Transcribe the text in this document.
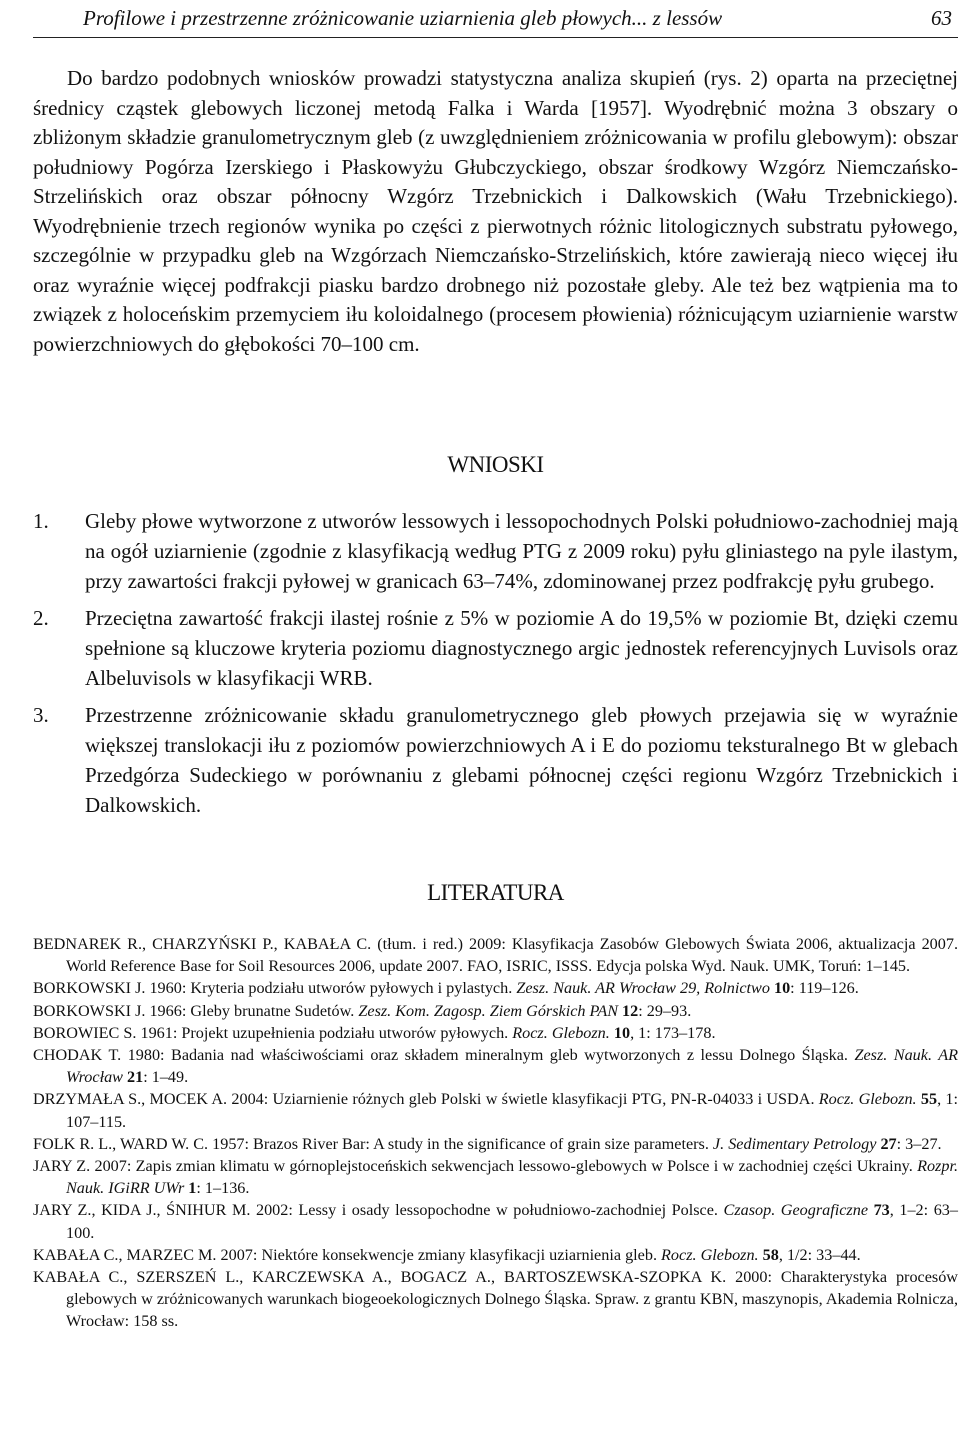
Profilowe i przestrzenne zróżnicowanie uziarnienia gleb płowych... z lessów	63

Do bardzo podobnych wniosków prowadzi statystyczna analiza skupień (rys. 2) oparta na przeciętnej średnicy cząstek glebowych liczonej metodą Falka i Warda [1957]. Wyodrębnić można 3 obszary o zbliżonym składzie granulometrycznym gleb (z uwzględnieniem zróżnicowania w profilu glebowym): obszar południowy Pogórza Izerskiego i Płaskowyżu Głubczyckiego, obszar środkowy Wzgórz Niemczańsko-Strzelińskich oraz obszar północny Wzgórz Trzebnickich i Dalkowskich (Wału Trzebnickiego). Wyodrębnienie trzech regionów wynika po części z pierwotnych różnic litologicznych substratu pyłowego, szczególnie w przypadku gleb na Wzgórzach Niemczańsko-Strzelińskich, które zawierają nieco więcej iłu oraz wyraźnie więcej podfrakcji piasku bardzo drobnego niż pozostałe gleby. Ale też bez wątpienia ma to związek z holoceńskim przemyciem iłu koloidalnego (procesem płowienia) różnicującym uziarnienie warstw powierzchniowych do głębokości 70–100 cm.

WNIOSKI
1. Gleby płowe wytworzone z utworów lessowych i lessopochodnych Polski południowo-zachodniej mają na ogół uziarnienie (zgodnie z klasyfikacją według PTG z 2009 roku) pyłu gliniastego na pyle ilastym, przy zawartości frakcji pyłowej w granicach 63–74%, zdominowanej przez podfrakcję pyłu grubego.
2. Przeciętna zawartość frakcji ilastej rośnie z 5% w poziomie A do 19,5% w poziomie Bt, dzięki czemu spełnione są kluczowe kryteria poziomu diagnostycznego argic jednostek referencyjnych Luvisols oraz Albeluvisols w klasyfikacji WRB.
3. Przestrzenne zróżnicowanie składu granulometrycznego gleb płowych przejawia się w wyraźnie większej translokacji iłu z poziomów powierzchniowych A i E do poziomu teksturalnego Bt w glebach Przedgórza Sudeckiego w porównaniu z glebami północnej części regionu Wzgórz Trzebnickich i Dalkowskich.
LITERATURA

BEDNAREK R., CHARZYŃSKI P., KABAŁA C. (tłum. i red.) 2009: Klasyfikacja Zasobów Glebowych Świata 2006, aktualizacja 2007. World Reference Base for Soil Resources 2006, update 2007. FAO, ISRIC, ISSS. Edycja polska Wyd. Nauk. UMK, Toruń: 1–145.

BORKOWSKI J. 1960: Kryteria podziału utworów pyłowych i pylastych. Zesz. Nauk. AR Wrocław 29, Rolnictwo 10: 119–126.

BORKOWSKI J. 1966: Gleby brunatne Sudetów. Zesz. Kom. Zagosp. Ziem Górskich PAN 12: 29–93.

BOROWIEC S. 1961: Projekt uzupełnienia podziału utworów pyłowych. Rocz. Glebozn. 10, 1: 173–178.

CHODAK T. 1980: Badania nad właściwościami oraz składem mineralnym gleb wytworzonych z lessu Dolnego Śląska. Zesz. Nauk. AR Wrocław 21: 1–49.

DRZYMAŁA S., MOCEK A. 2004: Uziarnienie różnych gleb Polski w świetle klasyfikacji PTG, PN-R-04033 i USDA. Rocz. Glebozn. 55, 1: 107–115.

FOLK R. L., WARD W. C. 1957: Brazos River Bar: A study in the significance of grain size parameters. J. Sedimentary Petrology 27: 3–27.

JARY Z. 2007: Zapis zmian klimatu w górnoplejstoceńskich sekwencjach lessowo-glebowych w Polsce i w zachodniej części Ukrainy. Rozpr. Nauk. IGiRR UWr 1: 1–136.

JARY Z., KIDA J., ŚNIHUR M. 2002: Lessy i osady lessopochodne w południowo-zachodniej Polsce. Czasop. Geograficzne 73, 1–2: 63–100.

KABAŁA C., MARZEC M. 2007: Niektóre konsekwencje zmiany klasyfikacji uziarnienia gleb. Rocz. Glebozn. 58, 1/2: 33–44.

KABAŁA C., SZERSZEŃ L., KARCZEWSKA A., BOGACZ A., BARTOSZEWSKA-SZOPKA K. 2000: Charakterystyka procesów glebowych w zróżnicowanych warunkach biogeoekologicznych Dolnego Śląska. Spraw. z grantu KBN, maszynopis, Akademia Rolnicza, Wrocław: 158 ss.
